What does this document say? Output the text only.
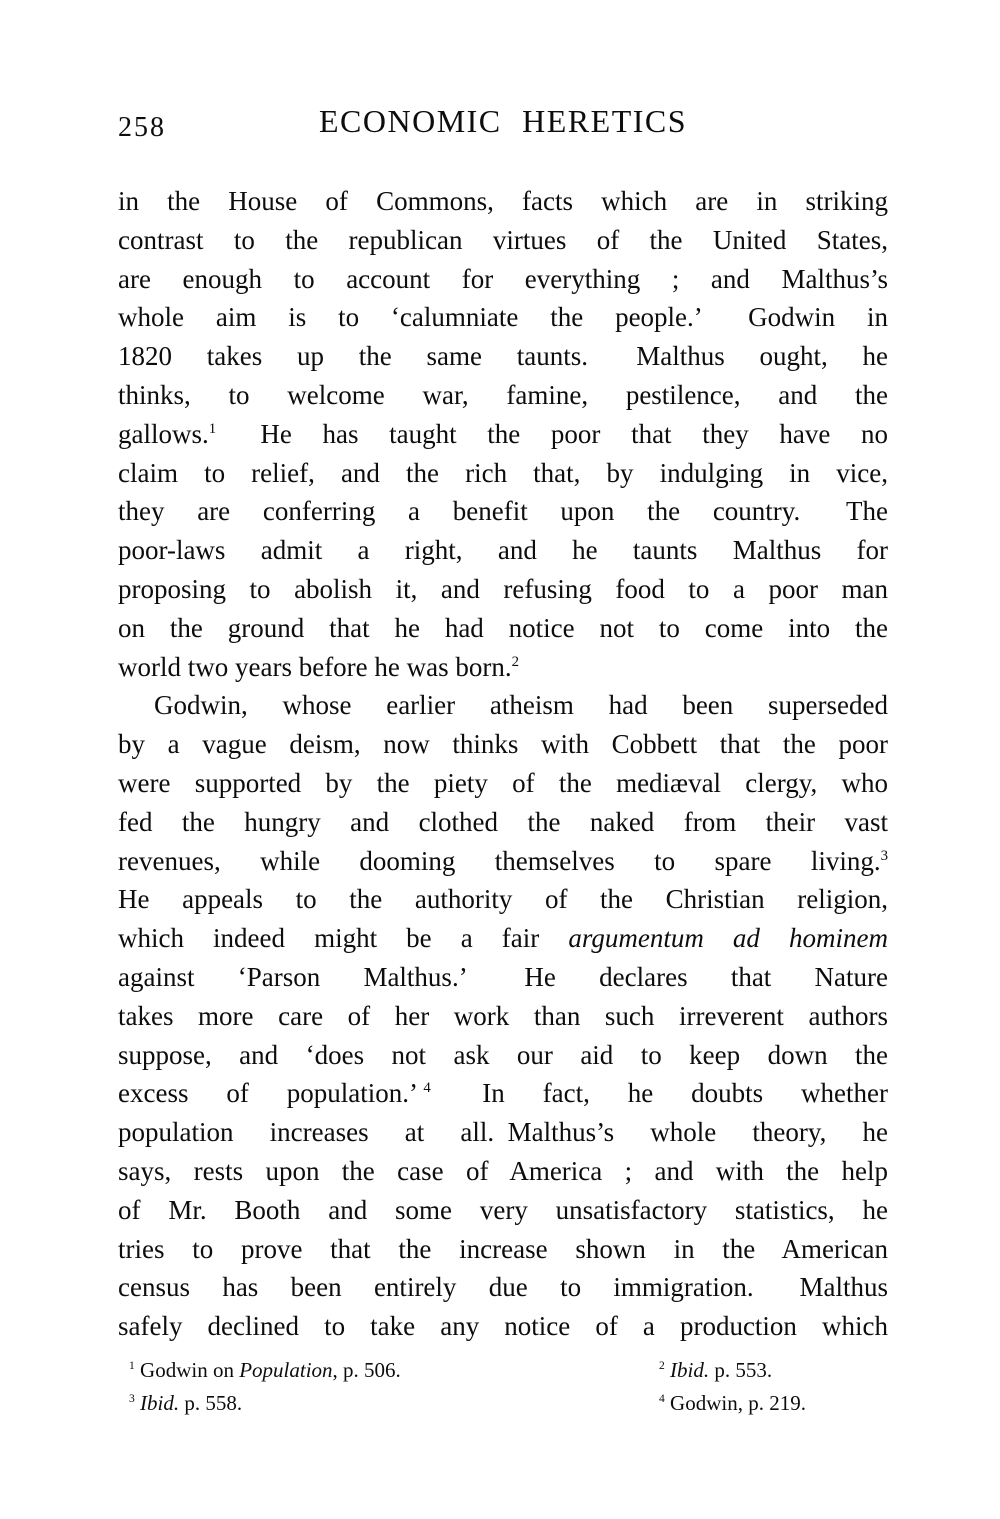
258	ECONOMIC HERETICS
in the House of Commons, facts which are in striking
contrast to the republican virtues of the United States,
are enough to account for everything ; and Malthus’s
whole aim is to ‘calumniate the people.’  Godwin in
1820 takes up the same taunts.  Malthus ought, he
thinks, to welcome war, famine, pestilence, and the
gallows.$^1$  He has taught the poor that they have no
claim to relief, and the rich that, by indulging in vice,
they are conferring a benefit upon the country.  The
poor-laws admit a right, and he taunts Malthus for
proposing to abolish it, and refusing food to a poor man
on the ground that he had notice not to come into the
world two years before he was born.$^2$
Godwin, whose earlier atheism had been superseded
by a vague deism, now thinks with Cobbett that the poor
were supported by the piety of the mediæval clergy, who
fed the hungry and clothed the naked from their vast
revenues, while dooming themselves to spare living.$^3$
He appeals to the authority of the Christian religion,
which indeed might be a fair argumentum ad hominem
against ‘Parson Malthus.’  He declares that Nature
takes more care of her work than such irreverent authors
suppose, and ‘does not ask our aid to keep down the
excess of population.’ $^4$  In fact, he doubts whether
population increases at all. Malthus’s whole theory, he
says, rests upon the case of America ; and with the help
of Mr. Booth and some very unsatisfactory statistics, he
tries to prove that the increase shown in the American
census has been entirely due to immigration.  Malthus
safely declined to take any notice of a production which
$^1$ Godwin on Population, p. 506.	$^2$ Ibid. p. 553.
$^3$ Ibid. p. 558.	$^4$ Godwin, p. 219.
